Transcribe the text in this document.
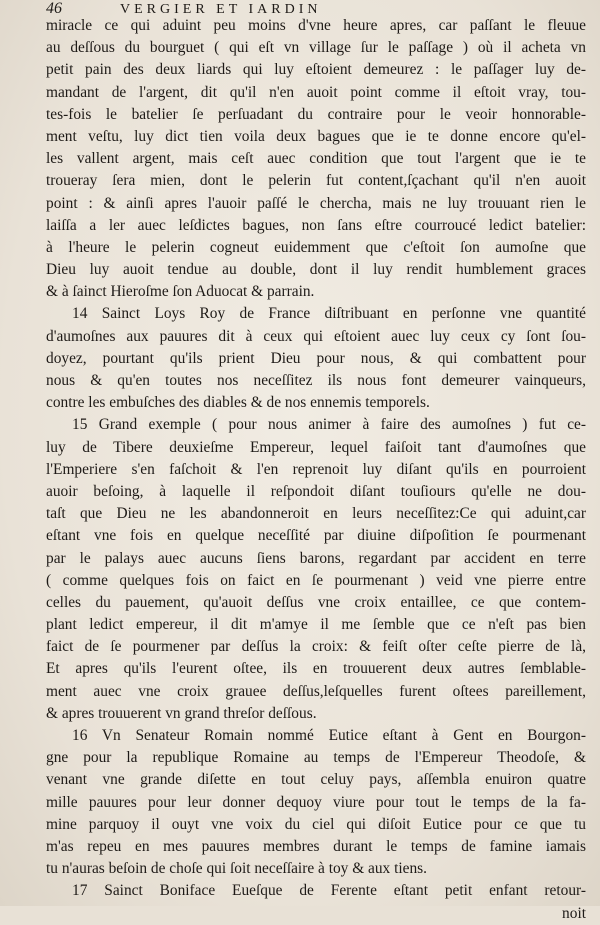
46	VERGIER ET IARDIN
miracle ce qui aduint peu moins d'vne heure apres, car paſſant le fleuue
au deſſous du bourguet ( qui eſt vn village ſur le paſſage ) où il acheta vn
petit pain des deux liards qui luy eſtoient demeurez : le paſſager luy de-
mandant de l'argent, dit qu'il n'en auoit point comme il eſtoit vray, tou-
tes-fois le batelier ſe perſuadant du contraire pour le veoir honnorable-
ment veſtu, luy dict tien voila deux bagues que ie te donne encore qu'el-
les vallent argent, mais ceſt auec condition que tout l'argent que ie te
troueray ſera mien, dont le pelerin fut content,ſçachant qu'il n'en auoit
point : & ainſi apres l'auoir paſſé le chercha, mais ne luy trouuant rien le
laiſſa a ler auec leſdictes bagues, non ſans eſtre courroucé ledict batelier:
à l'heure le pelerin cogneut euidemment que c'eſtoit ſon aumoſne que
Dieu luy auoit tendue au double, dont il luy rendit humblement graces
& à ſainct Hieroſme ſon Aduocat & parrain.
14 Sainct Loys Roy de France diſtribuant en perſonne vne quantité
d'aumoſnes aux pauures dit à ceux qui eſtoient auec luy ceux cy ſont ſou-
doyez, pourtant qu'ils prient Dieu pour nous, & qui combattent pour
nous & qu'en toutes nos neceſſitez ils nous font demeurer vainqueurs,
contre les embuſches des diables & de nos ennemis temporels.
15 Grand exemple ( pour nous animer à faire des aumoſnes ) fut ce-
luy de Tibere deuxieſme Empereur, lequel faiſoit tant d'aumoſnes que
l'Emperiere s'en faſchoit & l'en reprenoit luy diſant qu'ils en pourroient
auoir beſoing, à laquelle il reſpondoit diſant touſiours qu'elle ne dou-
taſt que Dieu ne les abandonneroit en leurs neceſſitez:Ce qui aduint,car
eſtant vne fois en quelque neceſſité par diuine diſpoſition ſe pourmenant
par le palays auec aucuns ſiens barons, regardant par accident en terre
( comme quelques fois on faict en ſe pourmenant ) veid vne pierre entre
celles du pauement, qu'auoit deſſus vne croix entaillee, ce que contem-
plant ledict empereur, il dit m'amye il me ſemble que ce n'eſt pas bien
faict de ſe pourmener par deſſus la croix: & feiſt oſter ceſte pierre de là,
Et apres qu'ils l'eurent oſtee, ils en trouuerent deux autres ſemblable-
ment auec vne croix grauee deſſus,leſquelles furent oſtees pareillement,
& apres trouuerent vn grand threſor deſſous.
16 Vn Senateur Romain nommé Eutice eſtant à Gent en Bourgon-
gne pour la republique Romaine au temps de l'Empereur Theodoſe, &
venant vne grande diſette en tout celuy pays, aſſembla enuiron quatre
mille pauures pour leur donner dequoy viure pour tout le temps de la fa-
mine parquoy il ouyt vne voix du ciel qui diſoit Eutice pour ce que tu
m'as repeu en mes pauures membres durant le temps de famine iamais
tu n'auras beſoin de choſe qui ſoit neceſſaire à toy & aux tiens.
17 Sainct Boniface Eueſque de Ferente eſtant petit enfant retour-
noit
